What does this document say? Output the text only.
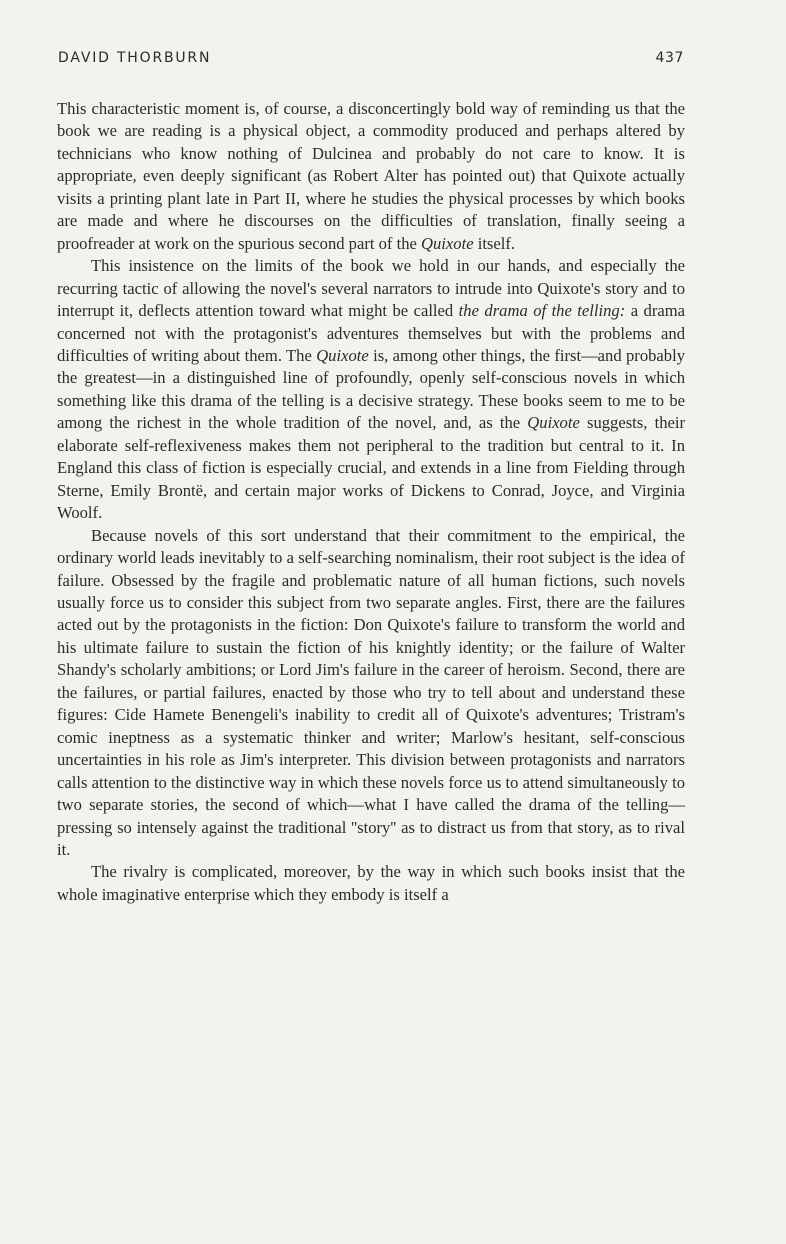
DAVID THORBURN	437

This characteristic moment is, of course, a disconcertingly bold way of reminding us that the book we are reading is a physical object, a commodity produced and perhaps altered by technicians who know nothing of Dulcinea and probably do not care to know. It is appropriate, even deeply significant (as Robert Alter has pointed out) that Quixote actually visits a printing plant late in Part II, where he studies the physical processes by which books are made and where he discourses on the difficulties of translation, finally seeing a proofreader at work on the spurious second part of the Quixote itself.

This insistence on the limits of the book we hold in our hands, and especially the recurring tactic of allowing the novel's several narrators to intrude into Quixote's story and to interrupt it, deflects attention toward what might be called the drama of the telling: a drama concerned not with the protagonist's adventures themselves but with the problems and difficulties of writing about them. The Quixote is, among other things, the first—and probably the greatest—in a distinguished line of profoundly, openly self-conscious novels in which something like this drama of the telling is a decisive strategy. These books seem to me to be among the richest in the whole tradition of the novel, and, as the Quixote suggests, their elaborate self-reflexiveness makes them not peripheral to the tradition but central to it. In England this class of fiction is especially crucial, and extends in a line from Fielding through Sterne, Emily Brontë, and certain major works of Dickens to Conrad, Joyce, and Virginia Woolf.

Because novels of this sort understand that their commitment to the empirical, the ordinary world leads inevitably to a self-searching nominalism, their root subject is the idea of failure. Obsessed by the fragile and problematic nature of all human fictions, such novels usually force us to consider this subject from two separate angles. First, there are the failures acted out by the protagonists in the fiction: Don Quixote's failure to transform the world and his ultimate failure to sustain the fiction of his knightly identity; or the failure of Walter Shandy's scholarly ambitions; or Lord Jim's failure in the career of heroism. Second, there are the failures, or partial failures, enacted by those who try to tell about and understand these figures: Cide Hamete Benengeli's inability to credit all of Quixote's adventures; Tristram's comic ineptness as a systematic thinker and writer; Marlow's hesitant, self-conscious uncertainties in his role as Jim's interpreter. This division between protagonists and narrators calls attention to the distinctive way in which these novels force us to attend simultaneously to two separate stories, the second of which—what I have called the drama of the telling—pressing so intensely against the traditional ''story'' as to distract us from that story, as to rival it.

The rivalry is complicated, moreover, by the way in which such books insist that the whole imaginative enterprise which they embody is itself a
